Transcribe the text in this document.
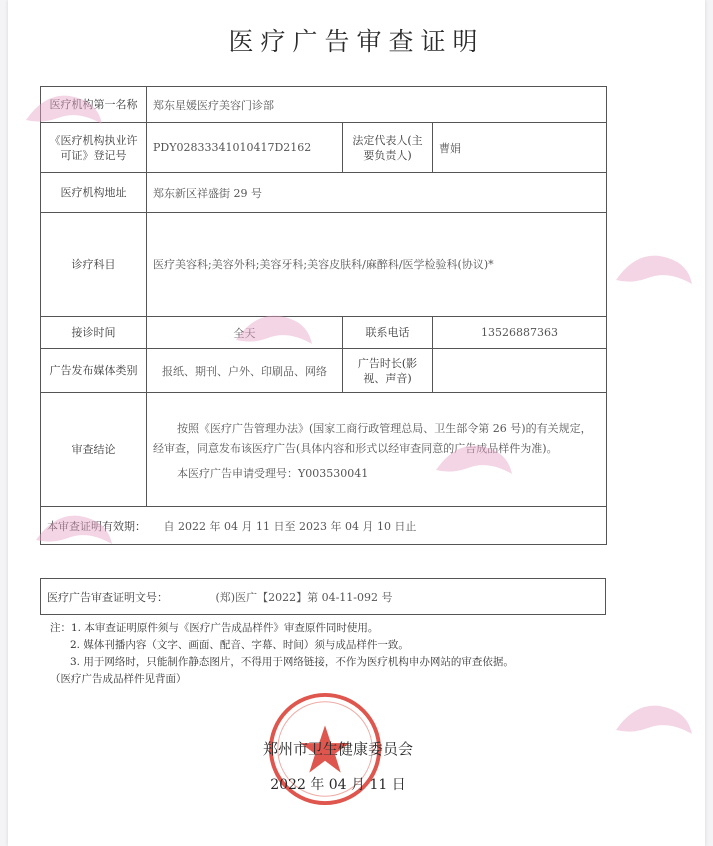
医疗广告审查证明
医疗机构第一名称	郑东星媛医疗美容门诊部		
《医疗机构执业许可证》登记号	PDY02833341010417D2162	法定代表人(主要负责人)	曹娟
医疗机构地址	郑东新区祥盛街 29 号		
诊疗科目	医疗美容科;美容外科;美容牙科;美容皮肤科/麻醉科/医学检验科(协议)*		
接诊时间	全天	联系电话	13526887363
广告发布媒体类别	报纸、期刊、户外、印刷品、网络	广告时长(影视、声音)	
审查结论	按照《医疗广告管理办法》(国家工商行政管理总局、卫生部令第 26 号)的有关规定，经审查，同意发布该医疗广告(具体内容和形式以经审查同意的广告成品样件为准)。
本医疗广告申请受理号：Y003530041		

本审查证明有效期： 自 2022 年 04 月 11 日至 2023 年 04 月 10 日止			
医疗广告审查证明文号：	(郑)医广【2022】第 04-11-092 号
注：1. 本审查证明原件须与《医疗广告成品样件》审查原件同时使用。
2. 媒体刊播内容（文字、画面、配音、字幕、时间）须与成品样件一致。
3. 用于网络时，只能制作静态图片，不得用于网络链接，不作为医疗机构申办网站的审查依据。
（医疗广告成品样件见背面）
郑州市卫生健康委员会
2022 年 04 月 11 日
